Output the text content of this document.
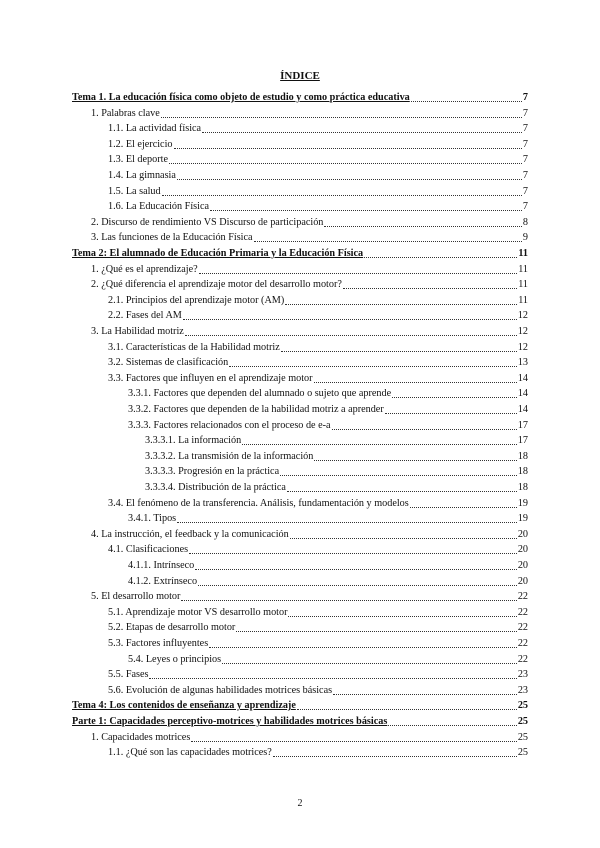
ÍNDICE
Tema 1. La educación física como objeto de estudio y como práctica educativa	7
1. Palabras clave	7
1.1. La actividad física	7
1.2. El ejercicio	7
1.3. El deporte	7
1.4. La gimnasia	7
1.5. La salud	7
1.6. La Educación Física	7
2. Discurso de rendimiento VS Discurso de participación	8
3. Las funciones de la Educación Física	9
Tema 2: El alumnado de Educación Primaria y la Educación Física	11
1. ¿Qué es el aprendizaje?	11
2. ¿Qué diferencia el aprendizaje motor del desarrollo motor?	11
2.1. Principios del aprendizaje motor (AM)	11
2.2. Fases del AM	12
3. La Habilidad motriz	12
3.1. Características de la Habilidad motriz	12
3.2. Sistemas de clasificación	13
3.3. Factores que influyen en el aprendizaje motor	14
3.3.1. Factores que dependen del alumnado o sujeto que aprende	14
3.3.2. Factores que dependen de la habilidad motriz a aprender	14
3.3.3. Factores relacionados con el proceso de e-a	17
3.3.3.1. La información	17
3.3.3.2. La transmisión de la información	18
3.3.3.3. Progresión en la práctica	18
3.3.3.4. Distribución de la práctica	18
3.4. El fenómeno de la transferencia. Análisis, fundamentación y modelos	19
3.4.1. Tipos	19
4. La instrucción, el feedback y la comunicación	20
4.1. Clasificaciones	20
4.1.1. Intrínseco	20
4.1.2. Extrínseco	20
5. El desarrollo motor	22
5.1. Aprendizaje motor VS desarrollo motor	22
5.2. Etapas de desarrollo motor	22
5.3. Factores influyentes	22
5.4. Leyes o principios	22
5.5. Fases	23
5.6. Evolución de algunas habilidades motrices básicas	23
Tema 4: Los contenidos de enseñanza y aprendizaje	25
Parte 1: Capacidades perceptivo-motrices y habilidades motrices básicas	25
1. Capacidades motrices	25
1.1. ¿Qué son las capacidades motrices?	25
2
